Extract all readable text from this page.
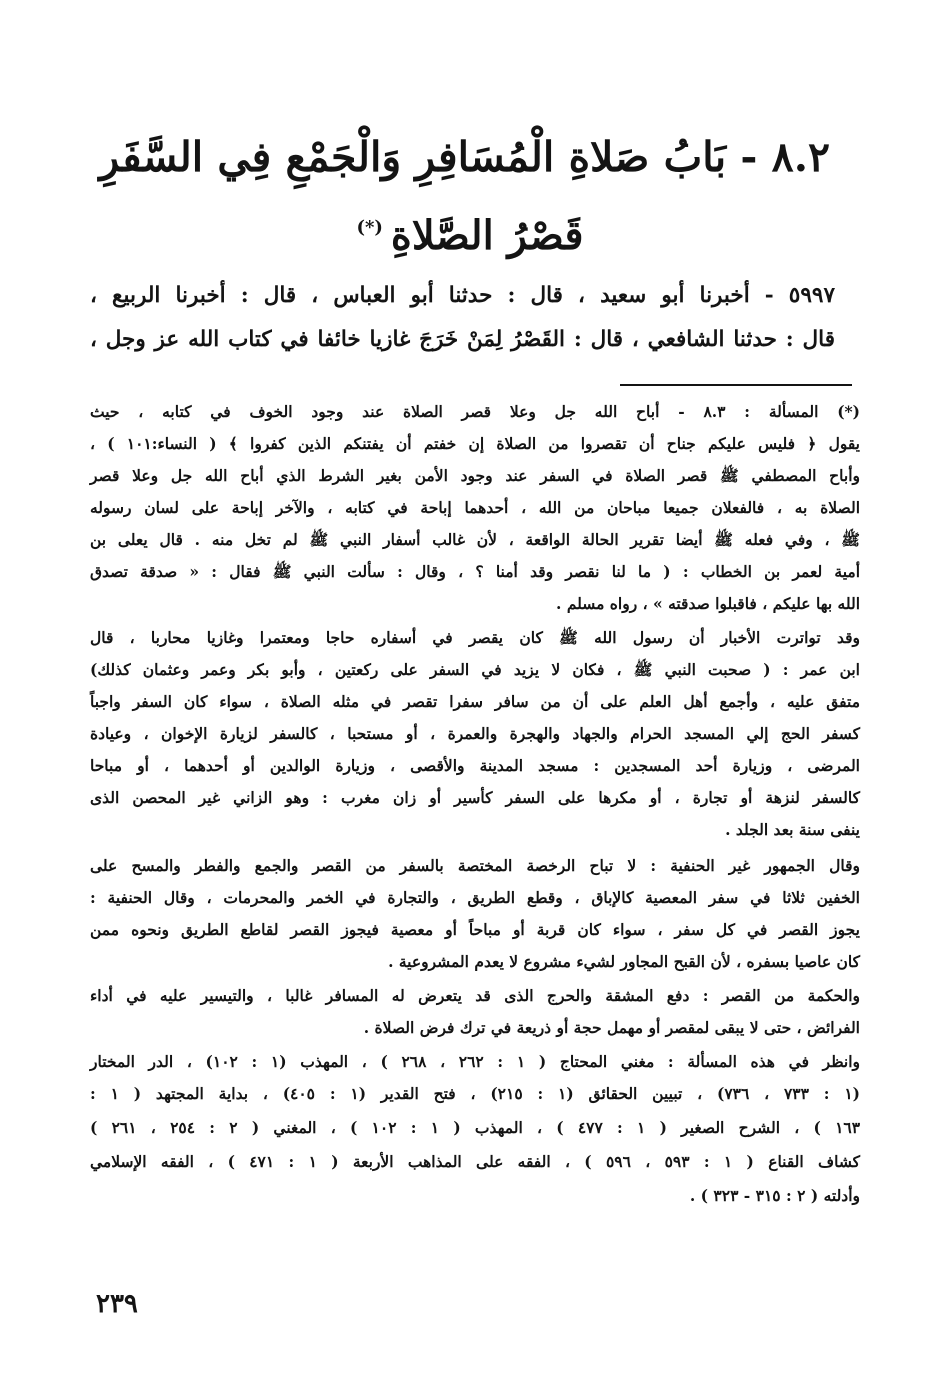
٨.٢ - بَابُ صَلاةِ الْمُسَافِرِ وَالْجَمْعِ فِي السَّفَرِ
قَصْرُ الصَّلاةِ(*)
٥٩٩٧ - أخبرنا أبو سعيد ، قال : حدثنا أبو العباس ، قال : أخبرنا الربيع ،
قال : حدثنا الشافعي ، قال : القَصْرُ لِمَنْ خَرَجَ غازيا خائفا في كتاب الله عز وجل ،
(*) المسألة : ٨.٣ - أباح الله جل وعلا قصر الصلاة عند وجود الخوف في كتابه ، حيث
يقول ﴿ فليس عليكم جناح أن تقصروا من الصلاة إن خفتم أن يفتنكم الذين كفروا ﴾ ( النساء:١٠١ ) ،
وأباح المصطفي ﷺ قصر الصلاة في السفر عند وجود الأمن بغير الشرط الذي أباح الله جل وعلا قصر
الصلاة به ، فالفعلان جميعا مباحان من الله ، أحدهما إباحة في كتابه ، والآخر إباحة على لسان رسوله
ﷺ ، وفي فعله ﷺ أيضا تقرير الحالة الواقعة ، لأن غالب أسفار النبي ﷺ لم تخل منه . قال يعلى بن
أمية لعمر بن الخطاب : ( ما لنا نقصر وقد أمنا ؟ ، وقال : سألت النبي ﷺ فقال : « صدقة تصدق
الله بها عليكم ، فاقبلوا صدقته » ، رواه مسلم .
وقد تواترت الأخبار أن رسول الله ﷺ كان يقصر في أسفاره حاجا ومعتمرا وغازيا محاربا ، قال
ابن عمر : ( صحبت النبي ﷺ ، فكان لا يزيد في السفر على ركعتين ، وأبو بكر وعمر وعثمان كذلك)
متفق عليه ، وأجمع أهل العلم على أن من سافر سفرا تقصر في مثله الصلاة ، سواء كان السفر واجباً
كسفر الحج إلي المسجد الحرام والجهاد والهجرة والعمرة ، أو مستحبا ، كالسفر لزيارة الإخوان ، وعيادة
المرضى ، وزيارة أحد المسجدين : مسجد المدينة والأقصى ، وزيارة الوالدين أو أحدهما ، أو مباحا
كالسفر لنزهة أو تجارة ، أو مكرها على السفر كأسير أو زان مغرب : وهو الزاني غير المحصن الذى
ينفى سنة بعد الجلد .
وقال الجمهور غير الحنفية : لا تباح الرخصة المختصة بالسفر من القصر والجمع والفطر والمسح على
الخفين ثلاثا في سفر المعصية كالإباق ، وقطع الطريق ، والتجارة في الخمر والمحرمات ، وقال الحنفية :
يجوز القصر في كل سفر ، سواء كان قربة أو مباحاً أو معصية فيجوز القصر لقاطع الطريق ونحوه ممن
كان عاصيا بسفره ، لأن القبح المجاور لشيء مشروع لا يعدم المشروعية .
والحكمة من القصر : دفع المشقة والحرج الذى قد يتعرض له المسافر غالبا ، والتيسير عليه في أداء
الفرائض ، حتى لا يبقى لمقصر أو مهمل حجة أو ذريعة في ترك فرض الصلاة .
وانظر في هذه المسألة : مغني المحتاج ( ١ : ٢٦٢ ، ٢٦٨ ) ، المهذب (١ : ١٠٢) ، الدر المختار
(١ : ٧٣٣ ، ٧٣٦) ، تبيين الحقائق (١ : ٢١٥) ، فتح القدير (١ : ٤٠٥) ، بداية المجتهد ( ١ :
١٦٣ ) ، الشرح الصغير ( ١ : ٤٧٧ ) ، المهذب ( ١ : ١٠٢ ) ، المغني ( ٢ : ٢٥٤ ، ٢٦١ )
كشاف القناع ( ١ : ٥٩٣ ، ٥٩٦ ) ، الفقه على المذاهب الأربعة ( ١ : ٤٧١ ) ، الفقه الإسلامي
وأدلته ( ٢ : ٣١٥ - ٣٢٣ ) .
٢٣٩
